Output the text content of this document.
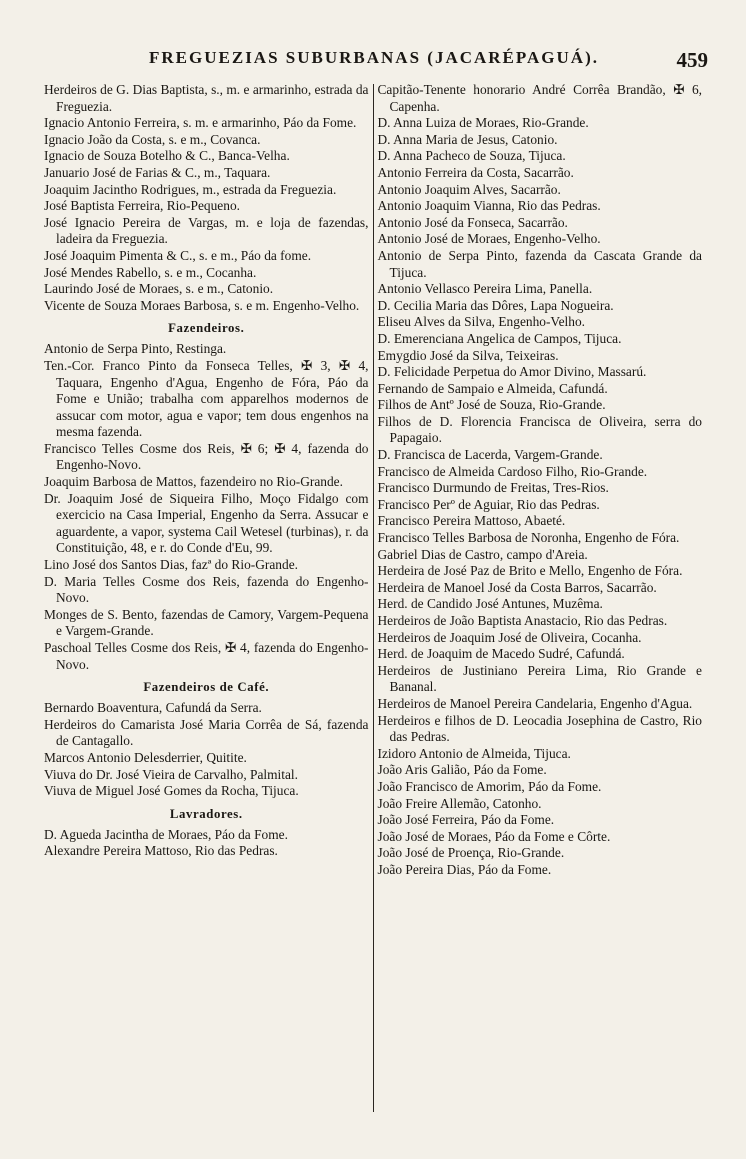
FREGUEZIAS SUBURBANAS (JACARÉPAGUÁ).	459

Herdeiros de G. Dias Baptista, s., m. e armarinho, estrada da Freguezia.

Ignacio Antonio Ferreira, s. m. e armarinho, Páo da Fome.

Ignacio João da Costa, s. e m., Covanca.

Ignacio de Souza Botelho & C., Banca-Velha.

Januario José de Farias & C., m., Taquara.

Joaquim Jacintho Rodrigues, m., estrada da Freguezia.

José Baptista Ferreira, Rio-Pequeno.

José Ignacio Pereira de Vargas, m. e loja de fazendas, ladeira da Freguezia.

José Joaquim Pimenta & C., s. e m., Páo da fome.

José Mendes Rabello, s. e m., Cocanha.

Laurindo José de Moraes, s. e m., Catonio.

Vicente de Souza Moraes Barbosa, s. e m. Engenho-Velho.

Fazendeiros.

Antonio de Serpa Pinto, Restinga.

Ten.-Cor. Franco Pinto da Fonseca Telles, ✠ 3, ✠ 4, Taquara, Engenho d'Agua, Engenho de Fóra, Páo da Fome e União; trabalha com apparelhos modernos de assucar com motor, agua e vapor; tem dous engenhos na mesma fazenda.

Francisco Telles Cosme dos Reis, ✠ 6; ✠ 4, fazenda do Engenho-Novo.

Joaquim Barbosa de Mattos, fazendeiro no Rio-Grande.

Dr. Joaquim José de Siqueira Filho, Moço Fidalgo com exercicio na Casa Imperial, Engenho da Serra. Assucar e aguardente, a vapor, systema Cail Wetesel (turbinas), r. da Constituição, 48, e r. do Conde d'Eu, 99.

Lino José dos Santos Dias, fazª do Rio-Grande.

D. Maria Telles Cosme dos Reis, fazenda do Engenho-Novo.

Monges de S. Bento, fazendas de Camory, Vargem-Pequena e Vargem-Grande.

Paschoal Telles Cosme dos Reis, ✠ 4, fazenda do Engenho-Novo.

Fazendeiros de Café.

Bernardo Boaventura, Cafundá da Serra.

Herdeiros do Camarista José Maria Corrêa de Sá, fazenda de Cantagallo.

Marcos Antonio Delesderrier, Quitite.

Viuva do Dr. José Vieira de Carvalho, Palmital.

Viuva de Miguel José Gomes da Rocha, Tijuca.

Lavradores.

D. Agueda Jacintha de Moraes, Páo da Fome.

Alexandre Pereira Mattoso, Rio das Pedras.

Capitão-Tenente honorario André Corrêa Brandão, ✠ 6, Capenha.

D. Anna Luiza de Moraes, Rio-Grande.

D. Anna Maria de Jesus, Catonio.

D. Anna Pacheco de Souza, Tijuca.

Antonio Ferreira da Costa, Sacarrão.

Antonio Joaquim Alves, Sacarrão.

Antonio Joaquim Vianna, Rio das Pedras.

Antonio José da Fonseca, Sacarrão.

Antonio José de Moraes, Engenho-Velho.

Antonio de Serpa Pinto, fazenda da Cascata Grande da Tijuca.

Antonio Vellasco Pereira Lima, Panella.

D. Cecilia Maria das Dôres, Lapa Nogueira.

Eliseu Alves da Silva, Engenho-Velho.

D. Emerenciana Angelica de Campos, Tijuca.

Emygdio José da Silva, Teixeiras.

D. Felicidade Perpetua do Amor Divino, Massarú.

Fernando de Sampaio e Almeida, Cafundá.

Filhos de Antº José de Souza, Rio-Grande.

Filhos de D. Florencia Francisca de Oliveira, serra do Papagaio.

D. Francisca de Lacerda, Vargem-Grande.

Francisco de Almeida Cardoso Filho, Rio-Grande.

Francisco Durmundo de Freitas, Tres-Rios.

Francisco Perº de Aguiar, Rio das Pedras.

Francisco Pereira Mattoso, Abaeté.

Francisco Telles Barbosa de Noronha, Engenho de Fóra.

Gabriel Dias de Castro, campo d'Areia.

Herdeira de José Paz de Brito e Mello, Engenho de Fóra.

Herdeira de Manoel José da Costa Barros, Sacarrão.

Herd. de Candido José Antunes, Muzêma.

Herdeiros de João Baptista Anastacio, Rio das Pedras.

Herdeiros de Joaquim José de Oliveira, Cocanha.

Herd. de Joaquim de Macedo Sudré, Cafundá.

Herdeiros de Justiniano Pereira Lima, Rio Grande e Bananal.

Herdeiros de Manoel Pereira Candelaria, Engenho d'Agua.

Herdeiros e filhos de D. Leocadia Josephina de Castro, Rio das Pedras.

Izidoro Antonio de Almeida, Tijuca.

João Aris Galião, Páo da Fome.

João Francisco de Amorim, Páo da Fome.

João Freire Allemão, Catonho.

João José Ferreira, Páo da Fome.

João José de Moraes, Páo da Fome e Côrte.

João José de Proença, Rio-Grande.

João Pereira Dias, Páo da Fome.
